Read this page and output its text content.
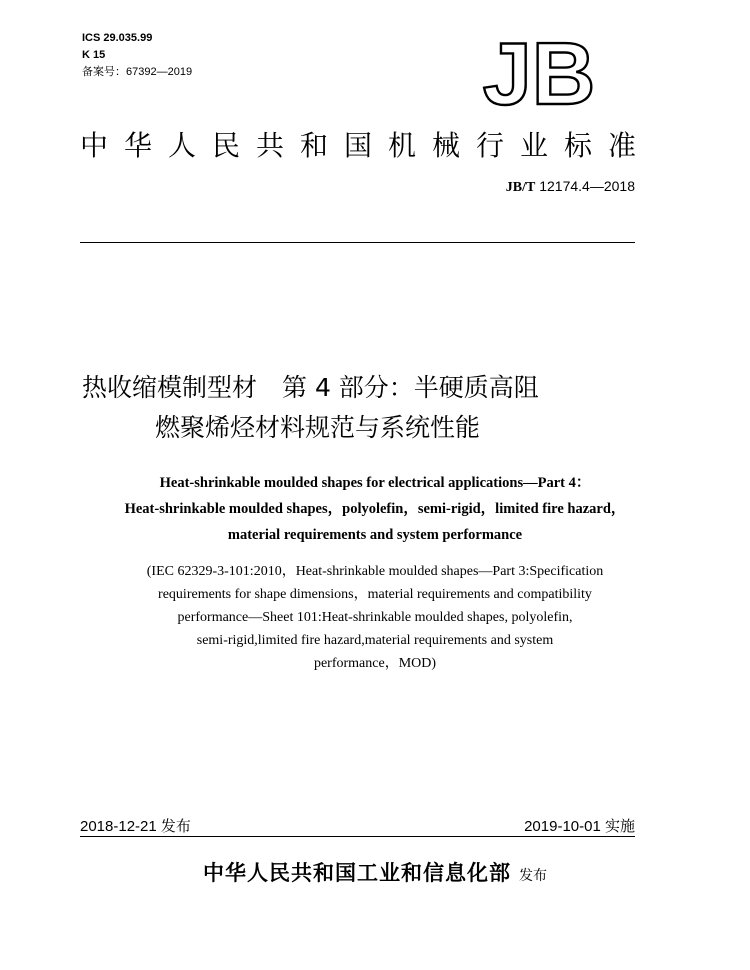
ICS 29.035.99
K 15
备案号：67392—2019	JB
中华人民共和国机械行业标准
JB/T 12174.4—2018
热收缩模制型材　第 4 部分：半硬质高阻
燃聚烯烃材料规范与系统性能
Heat-shrinkable moulded shapes for electrical applications—Part 4：
Heat-shrinkable moulded shapes，polyolefin，semi-rigid，limited fire hazard，
material requirements and system performance
(IEC 62329-3-101:2010，Heat-shrinkable moulded shapes—Part 3:Specification
requirements for shape dimensions，material requirements and compatibility
performance—Sheet 101:Heat-shrinkable moulded shapes, polyolefin,
semi-rigid,limited fire hazard,material requirements and system
performance，MOD)
2018-12-21 发布	2019-10-01 实施
中华人民共和国工业和信息化部 发布
